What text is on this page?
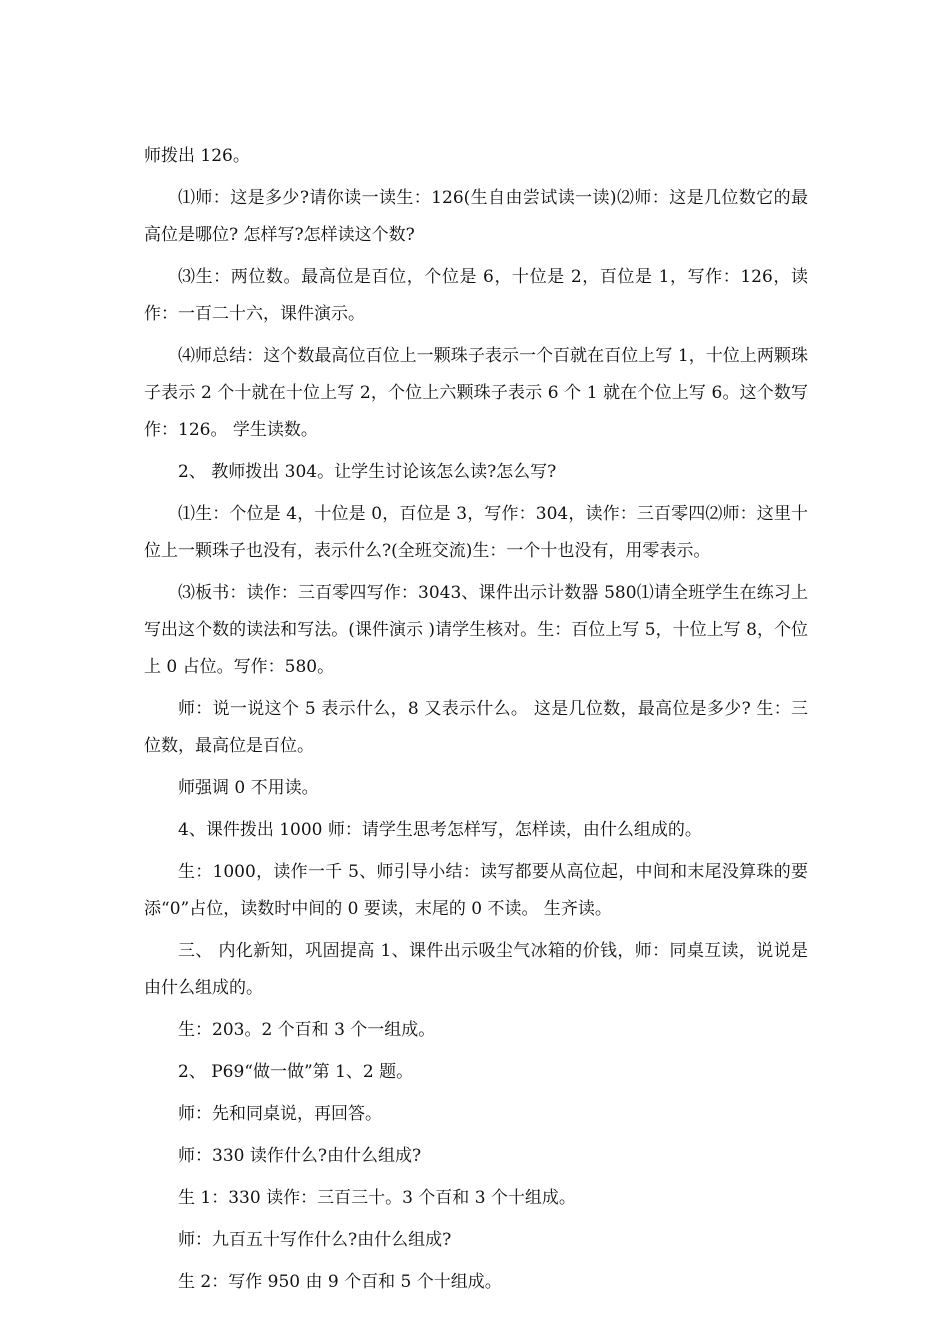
师拨出 126。

⑴师：这是多少?请你读一读生：126(生自由尝试读一读)⑵师：这是几位数它的最高位是哪位? 怎样写?怎样读这个数?

⑶生：两位数。最高位是百位，个位是 6，十位是 2，百位是 1，写作：126，读作：一百二十六，课件演示。

⑷师总结：这个数最高位百位上一颗珠子表示一个百就在百位上写 1，十位上两颗珠子表示 2 个十就在十位上写 2，个位上六颗珠子表示 6 个 1 就在个位上写 6。这个数写作：126。 学生读数。

2、 教师拨出 304。让学生讨论该怎么读?怎么写?

⑴生：个位是 4，十位是 0，百位是 3，写作：304，读作：三百零四⑵师：这里十位上一颗珠子也没有，表示什么?(全班交流)生：一个十也没有，用零表示。

⑶板书：读作：三百零四写作：3043、课件出示计数器 580⑴请全班学生在练习上写出这个数的读法和写法。(课件演示 )请学生核对。生：百位上写 5，十位上写 8，个位上 0 占位。写作：580。

师：说一说这个 5 表示什么，8 又表示什么。 这是几位数，最高位是多少? 生：三位数，最高位是百位。

师强调 0 不用读。

4、课件拨出 1000 师：请学生思考怎样写，怎样读，由什么组成的。

生：1000，读作一千 5、师引导小结：读写都要从高位起，中间和末尾没算珠的要添“0”占位，读数时中间的 0 要读，末尾的 0 不读。 生齐读。

三、 内化新知，巩固提高 1、课件出示吸尘气冰箱的价钱，师：同桌互读，说说是由什么组成的。

生：203。2 个百和 3 个一组成。

2、 P69“做一做”第 1、2 题。

师：先和同桌说，再回答。

师：330 读作什么?由什么组成?

生 1：330 读作：三百三十。3 个百和 3 个十组成。

师：九百五十写作什么?由什么组成?

生 2：写作 950 由 9 个百和 5 个十组成。
